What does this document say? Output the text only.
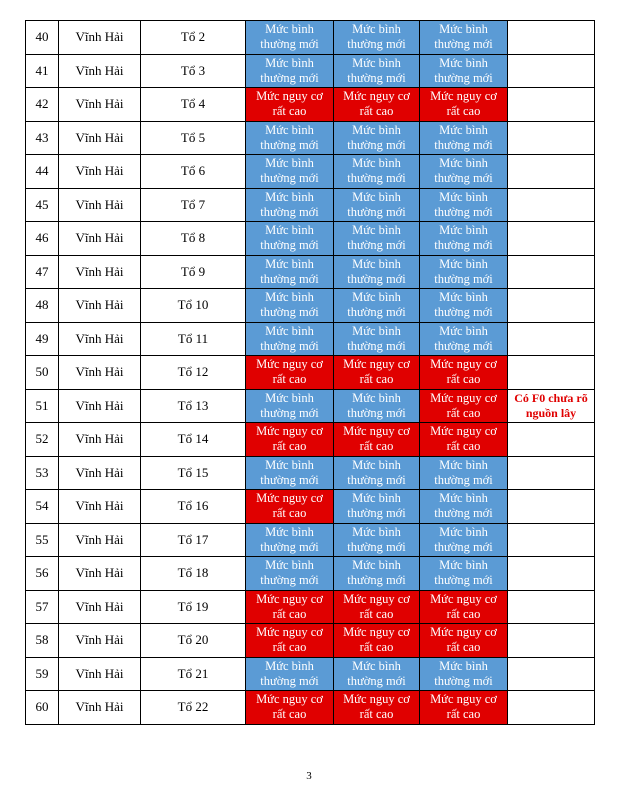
40	Vĩnh Hải	Tổ 2	Mức bình thường mới	Mức bình thường mới	Mức bình thường mới	
41	Vĩnh Hải	Tổ 3	Mức bình thường mới	Mức bình thường mới	Mức bình thường mới	
42	Vĩnh Hải	Tổ 4	Mức nguy cơ rất cao	Mức nguy cơ rất cao	Mức nguy cơ rất cao	
43	Vĩnh Hải	Tổ 5	Mức bình thường mới	Mức bình thường mới	Mức bình thường mới	
44	Vĩnh Hải	Tổ 6	Mức bình thường mới	Mức bình thường mới	Mức bình thường mới	
45	Vĩnh Hải	Tổ 7	Mức bình thường mới	Mức bình thường mới	Mức bình thường mới	
46	Vĩnh Hải	Tổ 8	Mức bình thường mới	Mức bình thường mới	Mức bình thường mới	
47	Vĩnh Hải	Tổ 9	Mức bình thường mới	Mức bình thường mới	Mức bình thường mới	
48	Vĩnh Hải	Tổ 10	Mức bình thường mới	Mức bình thường mới	Mức bình thường mới	
49	Vĩnh Hải	Tổ 11	Mức bình thường mới	Mức bình thường mới	Mức bình thường mới	
50	Vĩnh Hải	Tổ 12	Mức nguy cơ rất cao	Mức nguy cơ rất cao	Mức nguy cơ rất cao	
51	Vĩnh Hải	Tổ 13	Mức bình thường mới	Mức bình thường mới	Mức nguy cơ rất cao	Có F0 chưa rõ nguồn lây
52	Vĩnh Hải	Tổ 14	Mức nguy cơ rất cao	Mức nguy cơ rất cao	Mức nguy cơ rất cao	
53	Vĩnh Hải	Tổ 15	Mức bình thường mới	Mức bình thường mới	Mức bình thường mới	
54	Vĩnh Hải	Tổ 16	Mức nguy cơ rất cao	Mức bình thường mới	Mức bình thường mới	
55	Vĩnh Hải	Tổ 17	Mức bình thường mới	Mức bình thường mới	Mức bình thường mới	
56	Vĩnh Hải	Tổ 18	Mức bình thường mới	Mức bình thường mới	Mức bình thường mới	
57	Vĩnh Hải	Tổ 19	Mức nguy cơ rất cao	Mức nguy cơ rất cao	Mức nguy cơ rất cao	
58	Vĩnh Hải	Tổ 20	Mức nguy cơ rất cao	Mức nguy cơ rất cao	Mức nguy cơ rất cao	
59	Vĩnh Hải	Tổ 21	Mức bình thường mới	Mức bình thường mới	Mức bình thường mới	
60	Vĩnh Hải	Tổ 22	Mức nguy cơ rất cao	Mức nguy cơ rất cao	Mức nguy cơ rất cao	
3
